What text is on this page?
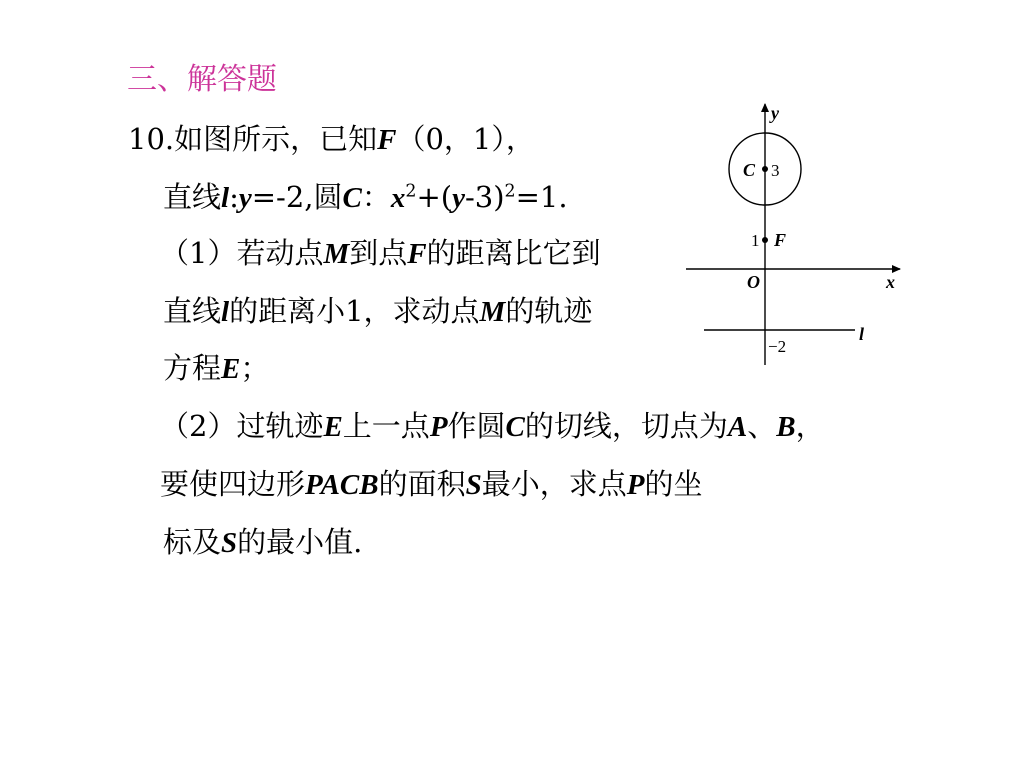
三、解答题
10.如图所示，已知F（0，1），
直线l:y=-2,圆C：$x^2+(y-3)^2=1$.
（1）若动点M到点F的距离比它到
直线l的距离小1，求动点M的轨迹
方程E；
（2）过轨迹E上一点P作圆C的切线，切点为A、B，
要使四边形PACB的面积S最小，求点P的坐
标及S的最小值.
y
x
O
C 3
1 F
l
−2
